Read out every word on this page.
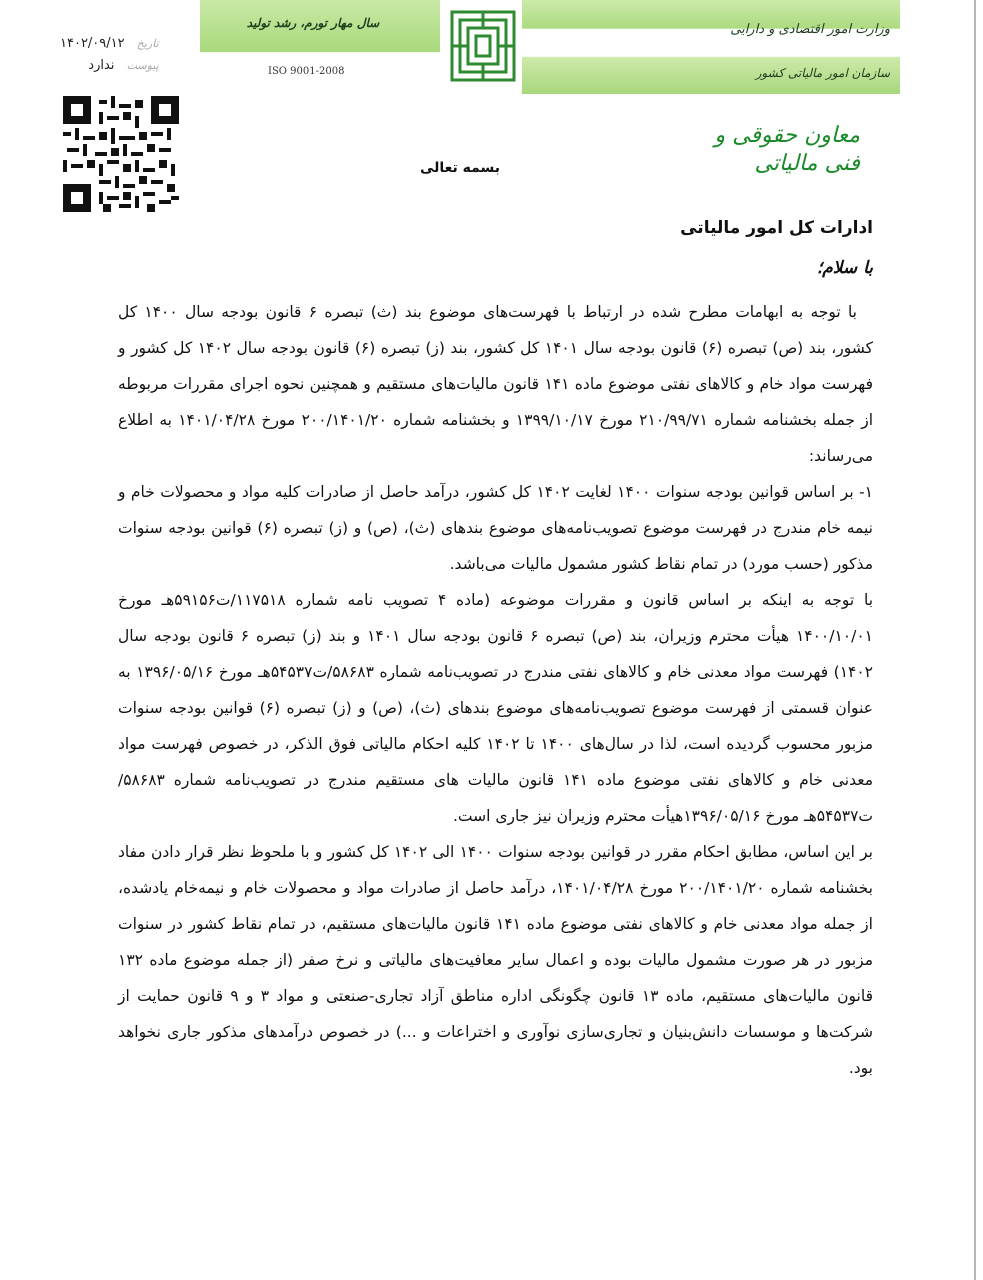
سال مهار تورم، رشد تولید
ISO 9001-2008
وزارت امور اقتصادی و دارایی
سازمان امور مالیاتی کشور
تاریخ ۱۴۰۲/۰۹/۱۲
پیوست ندارد
معاون حقوقی و فنی مالیاتی
بسمه تعالی
ادارات کل امور مالیاتی
با سلام؛

با توجه به ابهامات مطرح شده در ارتباط با فهرست‌های موضوع بند (ث) تبصره ۶ قانون بودجه سال ۱۴۰۰ کل کشور، بند (ص) تبصره (۶) قانون بودجه سال ۱۴۰۱ کل کشور، بند (ز) تبصره (۶) قانون بودجه سال ۱۴۰۲ کل کشور و فهرست مواد خام و کالاهای نفتی موضوع ماده ۱۴۱ قانون مالیات‌های مستقیم و همچنین نحوه اجرای مقررات مربوطه از جمله بخشنامه شماره ۲۱۰/۹۹/۷۱ مورخ ۱۳۹۹/۱۰/۱۷ و بخشنامه شماره ۲۰۰/۱۴۰۱/۲۰ مورخ ۱۴۰۱/۰۴/۲۸ به اطلاع می‌رساند:

۱- بر اساس قوانین بودجه سنوات ۱۴۰۰ لغایت ۱۴۰۲ کل کشور، درآمد حاصل از صادرات کلیه مواد و محصولات خام و نیمه خام مندرج در فهرست موضوع تصویب‌نامه‌های موضوع بندهای (ث)، (ص) و (ز) تبصره (۶) قوانین بودجه سنوات مذکور (حسب مورد) در تمام نقاط کشور مشمول مالیات می‌باشد.

با توجه به اینکه بر اساس قانون و مقررات موضوعه (ماده ۴ تصویب نامه شماره ۱۱۷۵۱۸/ت۵۹۱۵۶هـ مورخ ۱۴۰۰/۱۰/۰۱ هیأت محترم وزیران، بند (ص) تبصره ۶ قانون بودجه سال ۱۴۰۱ و بند (ز) تبصره ۶ قانون بودجه سال ۱۴۰۲) فهرست مواد معدنی خام و کالاهای نفتی مندرج در تصویب‌نامه شماره ۵۸۶۸۳/ت۵۴۵۳۷هـ مورخ ۱۳۹۶/۰۵/۱۶ به عنوان قسمتی از فهرست موضوع تصویب‌نامه‌های موضوع بندهای (ث)، (ص) و (ز) تبصره (۶) قوانین بودجه سنوات مزبور محسوب گردیده است، لذا در سال‌های ۱۴۰۰ تا ۱۴۰۲ کلیه احکام مالیاتی فوق الذکر، در خصوص فهرست مواد معدنی خام و کالاهای نفتی موضوع ماده ۱۴۱ قانون مالیات های مستقیم مندرج در تصویب‌نامه شماره ۵۸۶۸۳/ت۵۴۵۳۷هـ مورخ ۱۳۹۶/۰۵/۱۶هیأت محترم وزیران نیز جاری است.

بر این اساس، مطابق احکام مقرر در قوانین بودجه سنوات ۱۴۰۰ الی ۱۴۰۲ کل کشور و با ملحوظ نظر قرار دادن مفاد بخشنامه شماره ۲۰۰/۱۴۰۱/۲۰ مورخ ۱۴۰۱/۰۴/۲۸، درآمد حاصل از صادرات مواد و محصولات خام و نیمه‌خام یادشده، از جمله مواد معدنی خام و کالاهای نفتی موضوع ماده ۱۴۱ قانون مالیات‌های مستقیم، در تمام نقاط کشور در سنوات مزبور در هر صورت مشمول مالیات بوده و اعمال سایر معافیت‌های مالیاتی و نرخ صفر (از جمله موضوع ماده ۱۳۲ قانون مالیات‌های مستقیم، ماده ۱۳ قانون چگونگی اداره مناطق آزاد تجاری-صنعتی و مواد ۳ و ۹ قانون حمایت از شرکت‌ها و موسسات دانش‌بنیان و تجاری‌سازی نوآوری و اختراعات و ...) در خصوص درآمدهای مذکور جاری نخواهد بود.
